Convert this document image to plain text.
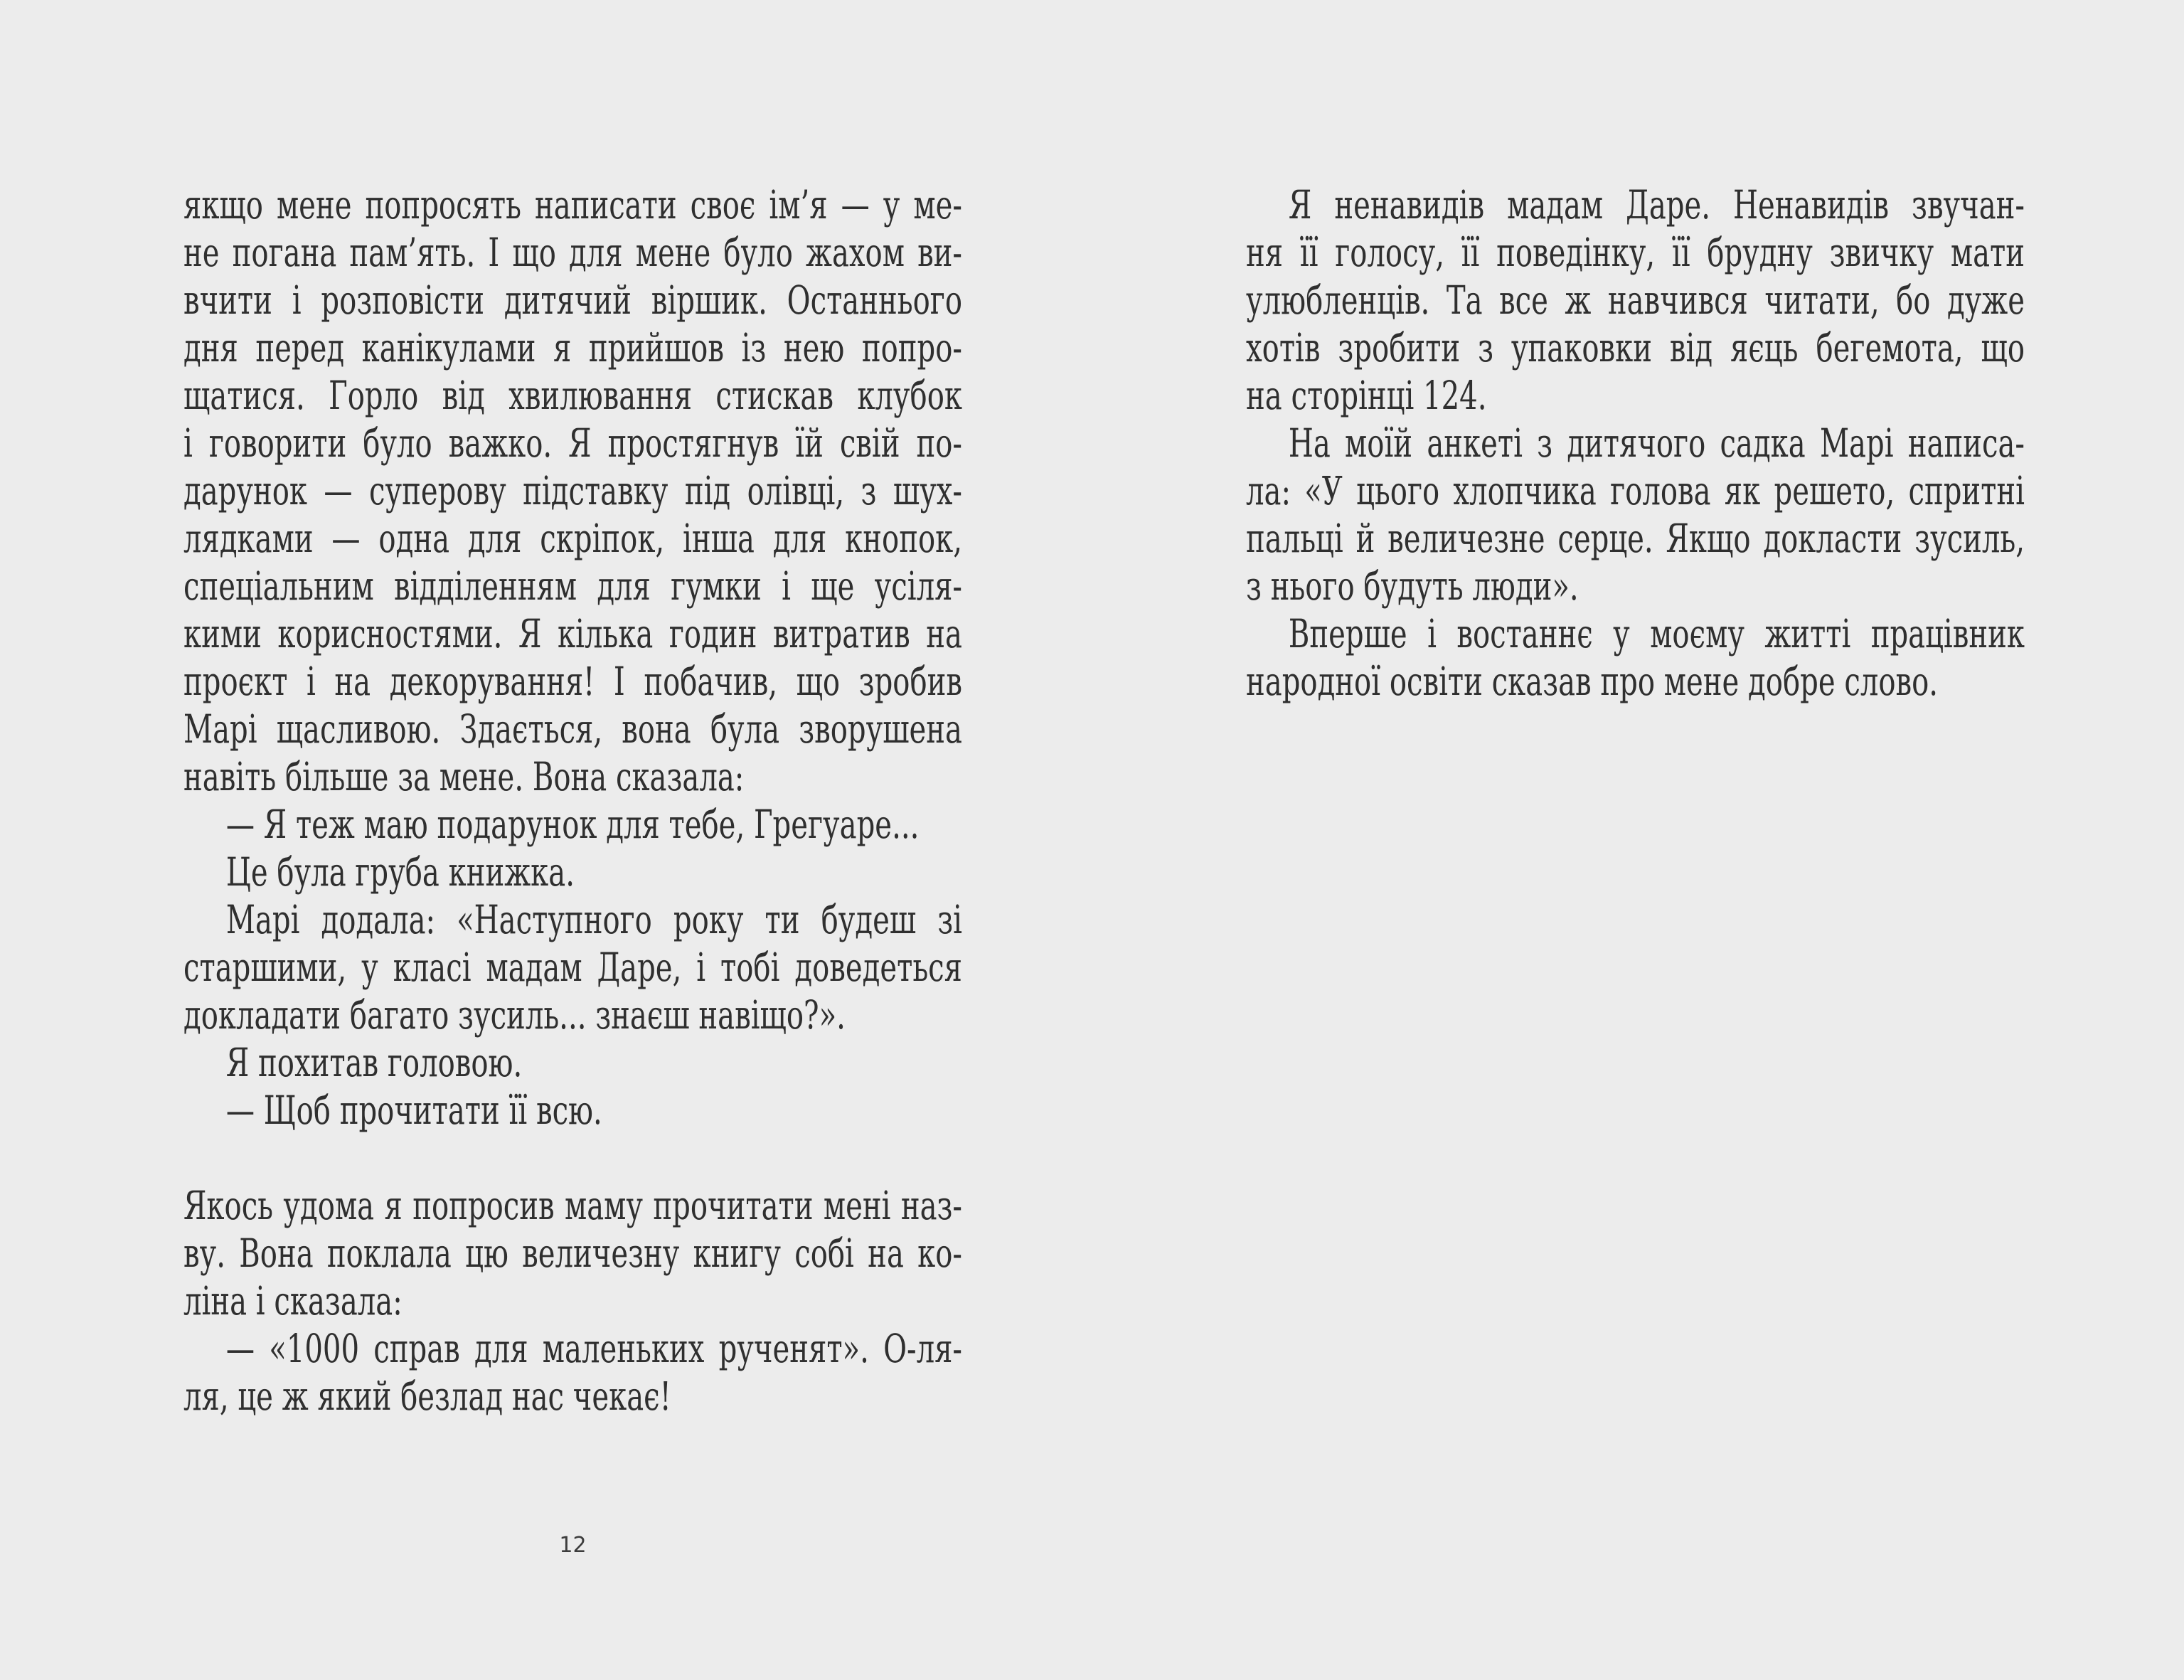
якщо мене попросять написати своє ім’я — у ме-
не погана пам’ять. І що для мене було жахом ви-
вчити і розповісти дитячий віршик. Останнього
дня перед канікулами я прийшов із нею попро-
щатися. Горло від хвилювання стискав клубок
і говорити було важко. Я простягнув їй свій по-
дарунок — суперову підставку під олівці, з шух-
лядками — одна для скріпок, інша для кнопок,
спеціальним відділенням для гумки і ще усіля-
кими корисностями. Я кілька годин витратив на
проєкт і на декорування! І побачив, що зробив
Марі щасливою. Здається, вона була зворушена
навіть більше за мене. Вона сказала:
— Я теж маю подарунок для тебе, Грегуаре...
Це була груба книжка.
Марі додала: «Наступного року ти будеш зі
старшими, у класі мадам Даре, і тобі доведеться
докладати багато зусиль... знаєш навіщо?».
Я похитав головою.
— Щоб прочитати її всю.
Якось удома я попросив маму прочитати мені наз-
ву. Вона поклала цю величезну книгу собі на ко-
ліна і сказала:
— «1000 справ для маленьких рученят». О-ля-
ля, це ж який безлад нас чекає!
12
Я ненавидів мадам Даре. Ненавидів звучан-
ня її голосу, її поведінку, її брудну звичку мати
улюбленців. Та все ж навчився читати, бо дуже
хотів зробити з упаковки від яєць бегемота, що
на сторінці 124.
На моїй анкеті з дитячого садка Марі написа-
ла: «У цього хлопчика голова як решето, спритні
пальці й величезне серце. Якщо докласти зусиль,
з нього будуть люди».
Вперше і востаннє у моєму житті працівник
народної освіти сказав про мене добре слово.
